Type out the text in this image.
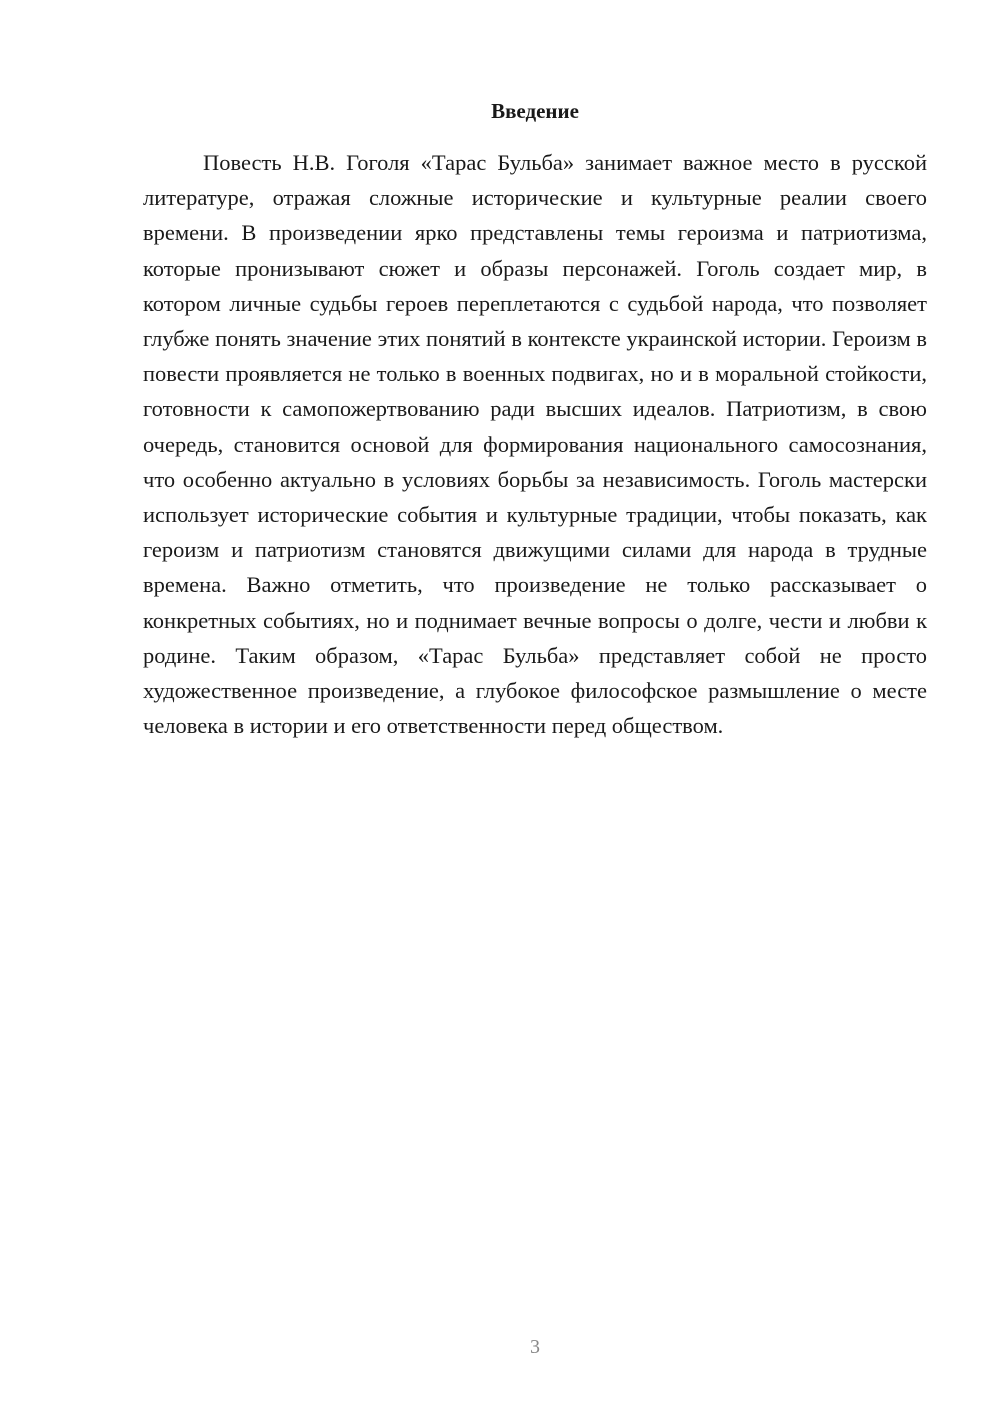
Введение

Повесть Н.В. Гоголя «Тарас Бульба» занимает важное место в русской литературе, отражая сложные исторические и культурные реалии своего времени. В произведении ярко представлены темы героизма и патриотизма, которые пронизывают сюжет и образы персонажей. Гоголь создает мир, в котором личные судьбы героев переплетаются с судьбой народа, что позволяет глубже понять значение этих понятий в контексте украинской истории. Героизм в повести проявляется не только в военных подвигах, но и в моральной стойкости, готовности к самопожертвованию ради высших идеалов. Патриотизм, в свою очередь, становится основой для формирования национального самосознания, что особенно актуально в условиях борьбы за независимость. Гоголь мастерски использует исторические события и культурные традиции, чтобы показать, как героизм и патриотизм становятся движущими силами для народа в трудные времена. Важно отметить, что произведение не только рассказывает о конкретных событиях, но и поднимает вечные вопросы о долге, чести и любви к родине. Таким образом, «Тарас Бульба» представляет собой не просто художественное произведение, а глубокое философское размышление о месте человека в истории и его ответственности перед обществом.

3
